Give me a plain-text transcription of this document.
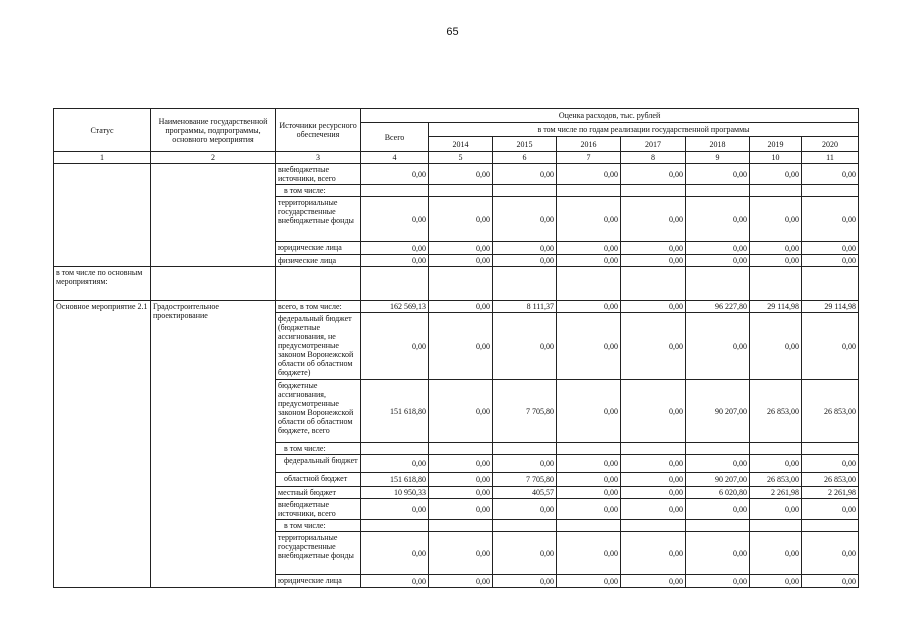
65
Статус	Наименование государственной программы, подпрограммы, основного мероприятия	Источники ресурсного обеспечения	Оценка расходов, тыс. рублей							
			Всего	в том числе по годам реализации государственной программы						
				2014	2015	2016	2017	2018	2019	2020
1	2	3	4	5	6	7	8	9	10	11
		внебюджетные источники, всего	0,00	0,00	0,00	0,00	0,00	0,00	0,00	0,00
		в том числе:								
		территориальные государственные внебюджетные фонды	0,00	0,00	0,00	0,00	0,00	0,00	0,00	0,00
		юридические лица	0,00	0,00	0,00	0,00	0,00	0,00	0,00	0,00
		физические лица	0,00	0,00	0,00	0,00	0,00	0,00	0,00	0,00
в том числе по основным мероприятиям:										
Основное мероприятие 2.1	Градостроительное проектирование	всего, в том числе:	162 569,13	0,00	8 111,37	0,00	0,00	96 227,80	29 114,98	29 114,98
		федеральный бюджет (бюджетные ассигнования, не предусмотренные законом Воронежской области об областном бюджете)	0,00	0,00	0,00	0,00	0,00	0,00	0,00	0,00
		бюджетные ассигнования, предусмотренные законом Воронежской области об областном бюджете, всего	151 618,80	0,00	7 705,80	0,00	0,00	90 207,00	26 853,00	26 853,00
		в том числе:								
		федеральный бюджет	0,00	0,00	0,00	0,00	0,00	0,00	0,00	0,00
		областной бюджет	151 618,80	0,00	7 705,80	0,00	0,00	90 207,00	26 853,00	26 853,00
		местный бюджет	10 950,33	0,00	405,57	0,00	0,00	6 020,80	2 261,98	2 261,98
		внебюджетные источники, всего	0,00	0,00	0,00	0,00	0,00	0,00	0,00	0,00
		в том числе:								
		территориальные государственные внебюджетные фонды	0,00	0,00	0,00	0,00	0,00	0,00	0,00	0,00
		юридические лица	0,00	0,00	0,00	0,00	0,00	0,00	0,00	0,00
